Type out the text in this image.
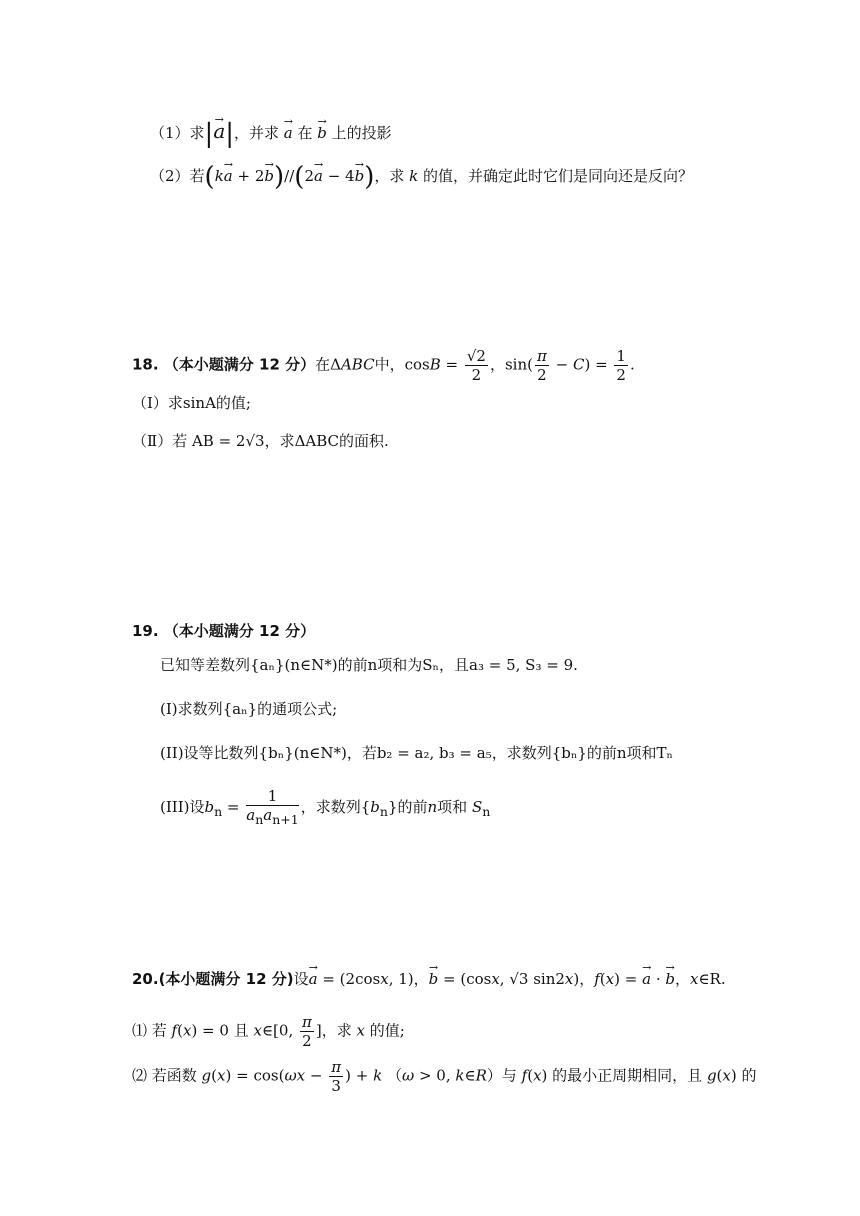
（1）求|→ a|，并求 → a 在 → b 上的投影
（2）若(k→ a + 2→ b)//(2→ a − 4→ b)，求 k 的值，并确定此时它们是同向还是反向？
18. （本小题满分 12 分）在ΔABC中，$\cos B = \frac{√2}{2}$ ，$\sin( \frac{\pi}{2} - C) = \frac{1}{2}$ .
（Ⅰ）求sinA的值;
（Ⅱ）若 AB = 2√3，求ΔABC的面积.
19. （本小题满分 12 分）
已知等差数列{aₙ}(n∈N*)的前n项和为Sₙ，且a₃ = 5, S₃ = 9.
(I)求数列{aₙ}的通项公式;
(II)设等比数列{bₙ}(n∈N*)，若b₂ = a₂, b₃ = a₅，求数列{bₙ}的前n项和Tₙ
(III)设$b_n = \frac{1}{a_na_{n+1}}$ ，求数列$\{b_n\}$的前n项和 $S_n$
20.(本小题满分 12 分)设→ a = (2cosx, 1)，→ b = (cosx, √3 sin2x)，f(x) = → a · → b，x∈R.
⑴ 若 f(x) = 0 且 x∈[0, $\frac{\pi}{2}$ ]，求 x 的值;
⑵ 若函数 $g(x) = \cos(\omega x - \frac{\pi}{3}$ ) + k （ω > 0, k∈R）与 f(x) 的最小正周期相同，且 g(x) 的
